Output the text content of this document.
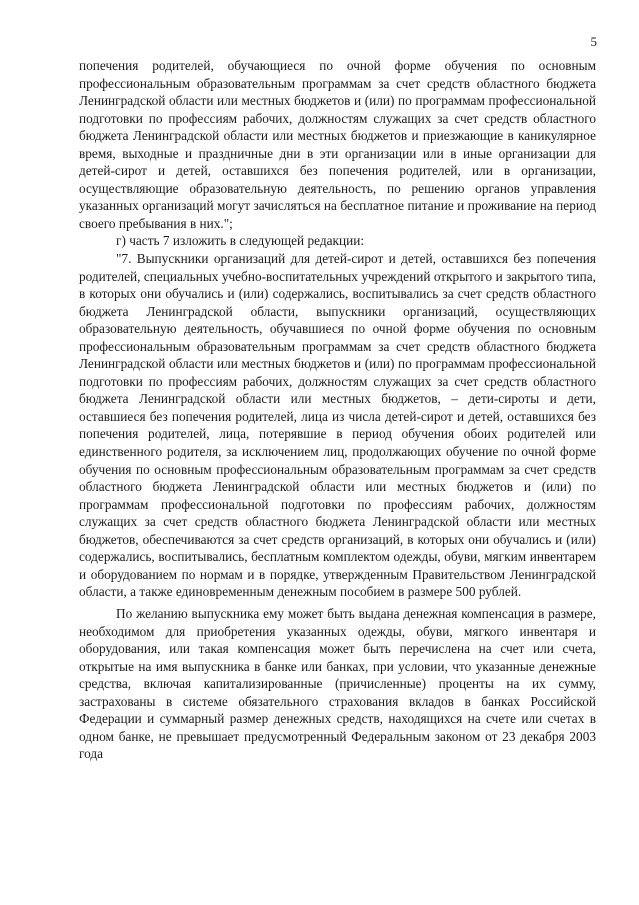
5

попечения родителей, обучающиеся по очной форме обучения по основным профессиональным образовательным программам за счет средств областного бюджета Ленинградской области или местных бюджетов и (или) по программам профессиональной подготовки по профессиям рабочих, должностям служащих за счет средств областного бюджета Ленинградской области или местных бюджетов и приезжающие в каникулярное время, выходные и праздничные дни в эти организации или в иные организации для детей-сирот и детей, оставшихся без попечения родителей, или в организации, осуществляющие образовательную деятельность, по решению органов управления указанных организаций могут зачисляться на бесплатное питание и проживание на период своего пребывания в них.";

г) часть 7 изложить в следующей редакции:

"7. Выпускники организаций для детей-сирот и детей, оставшихся без попечения родителей, специальных учебно-воспитательных учреждений открытого и закрытого типа, в которых они обучались и (или) содержались, воспитывались за счет средств областного бюджета Ленинградской области, выпускники организаций, осуществляющих образовательную деятельность, обучавшиеся по очной форме обучения по основным профессиональным образовательным программам за счет средств областного бюджета Ленинградской области или местных бюджетов и (или) по программам профессиональной подготовки по профессиям рабочих, должностям служащих за счет средств областного бюджета Ленинградской области или местных бюджетов, – дети-сироты и дети, оставшиеся без попечения родителей, лица из числа детей-сирот и детей, оставшихся без попечения родителей, лица, потерявшие в период обучения обоих родителей или единственного родителя, за исключением лиц, продолжающих обучение по очной форме обучения по основным профессиональным образовательным программам за счет средств областного бюджета Ленинградской области или местных бюджетов и (или) по программам профессиональной подготовки по профессиям рабочих, должностям служащих за счет средств областного бюджета Ленинградской области или местных бюджетов, обеспечиваются за счет средств организаций, в которых они обучались и (или) содержались, воспитывались, бесплатным комплектом одежды, обуви, мягким инвентарем и оборудованием по нормам и в порядке, утвержденным Правительством Ленинградской области, а также единовременным денежным пособием в размере 500 рублей.

По желанию выпускника ему может быть выдана денежная компенсация в размере, необходимом для приобретения указанных одежды, обуви, мягкого инвентаря и оборудования, или такая компенсация может быть перечислена на счет или счета, открытые на имя выпускника в банке или банках, при условии, что указанные денежные средства, включая капитализированные (причисленные) проценты на их сумму, застрахованы в системе обязательного страхования вкладов в банках Российской Федерации и суммарный размер денежных средств, находящихся на счете или счетах в одном банке, не превышает предусмотренный Федеральным законом от 23 декабря 2003 года
